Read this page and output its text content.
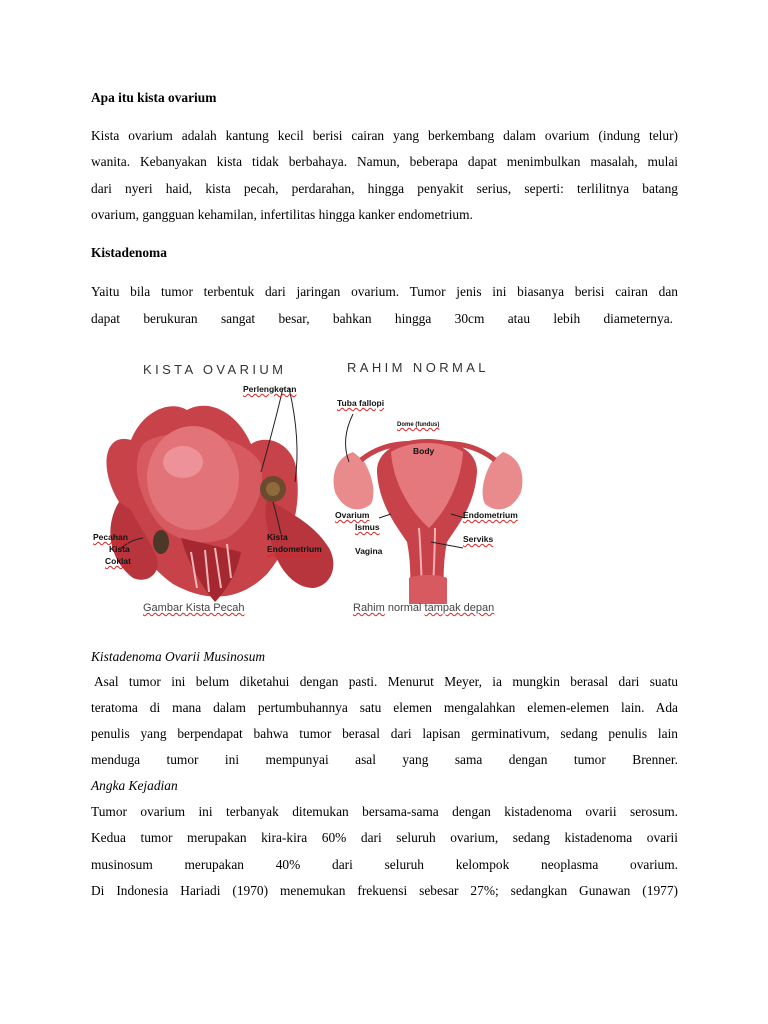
Apa itu kista ovarium
Kista ovarium adalah kantung kecil berisi cairan yang berkembang dalam ovarium (indung telur)
wanita. Kebanyakan kista tidak berbahaya. Namun, beberapa dapat menimbulkan masalah, mulai
dari nyeri haid, kista pecah, perdarahan, hingga penyakit serius, seperti: terlilitnya batang
ovarium, gangguan kehamilan, infertilitas hingga kanker endometrium.
Kistadenoma
Yaitu bila tumor terbentuk dari jaringan ovarium. Tumor jenis ini biasanya berisi cairan dan
dapat berukuran sangat besar, bahkan hingga 30cm atau lebih diameternya.
KISTA OVARIUM	RAHIM NORMAL
Perlengketan
Pecahan
Kista
Coklat
Kista
Endometrium
Tuba fallopi
Dome (fundus)
Body
Ovarium
Ismus
Vagina
Endometrium
Serviks
Gambar Kista Pecah	Rahim normal tampak depan
Kistadenoma Ovarii Musinosum
Asal tumor ini belum diketahui dengan pasti. Menurut Meyer, ia mungkin berasal dari suatu
teratoma di mana dalam pertumbuhannya satu elemen mengalahkan elemen-elemen lain. Ada
penulis yang berpendapat bahwa tumor berasal dari lapisan germinativum, sedang penulis lain
menduga tumor ini mempunyai asal yang sama dengan tumor Brenner.
Angka Kejadian
Tumor ovarium ini terbanyak ditemukan bersama-sama dengan kistadenoma ovarii serosum.
Kedua tumor merupakan kira-kira 60% dari seluruh ovarium, sedang kistadenoma ovarii
musinosum merupakan 40% dari seluruh kelompok neoplasma ovarium.
Di Indonesia Hariadi (1970) menemukan frekuensi sebesar 27%; sedangkan Gunawan (1977)
